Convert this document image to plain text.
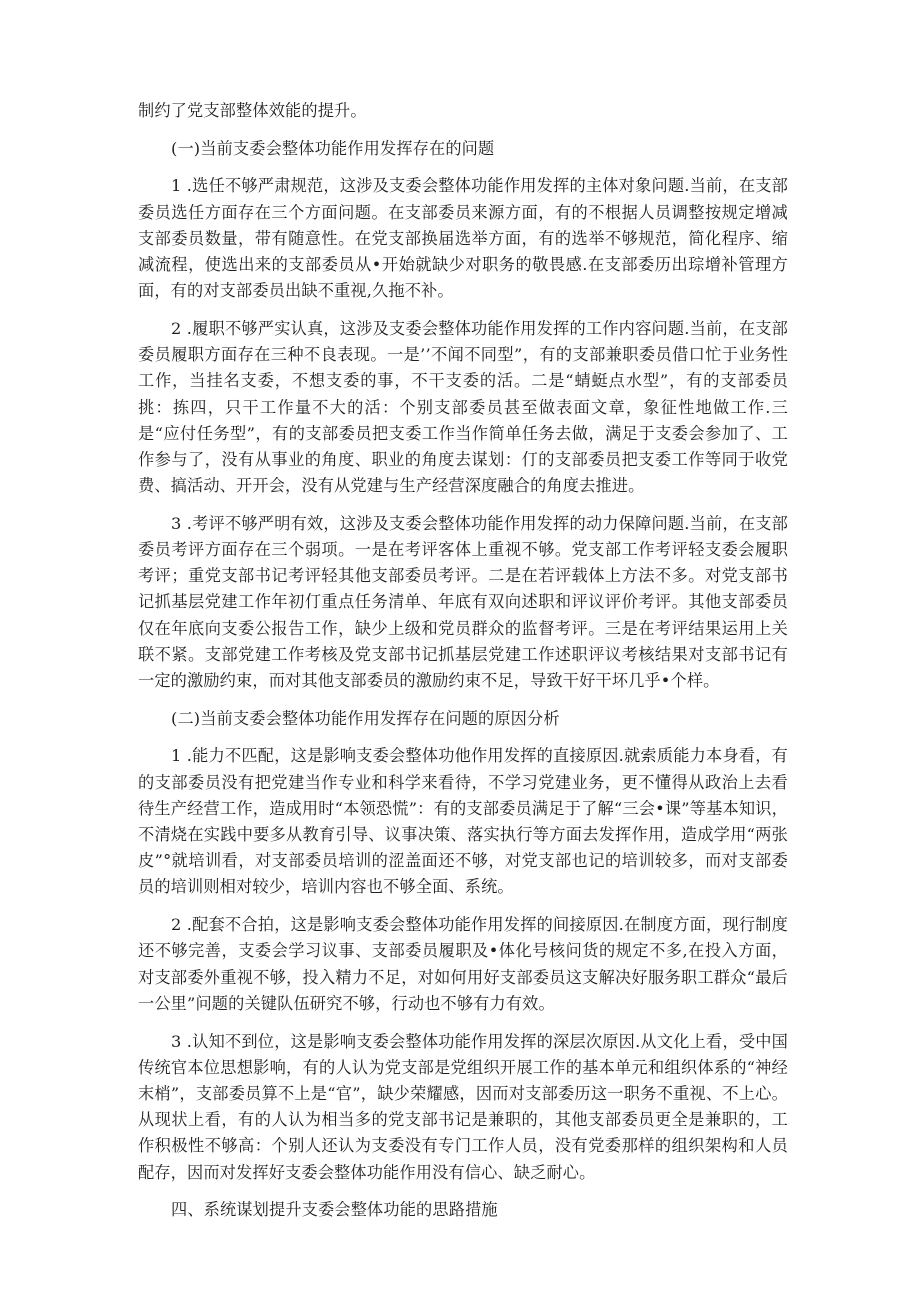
制约了党支部整体效能的提升。

(一)当前支委会整体功能作用发挥存在的问题

1 .选任不够严肃规范，这涉及支委会整体功能作用发挥的主体对象问题.当前，在支部委员选任方面存在三个方面问题。在支部委员来源方面，有的不根据人员调整按规定增减支部委员数量，带有随意性。在党支部换届选举方面，有的选举不够规范，简化程序、缩减流程，使选出来的支部委员从•开始就缺少对职务的敬畏感.在支部委历出琮增补管理方面，有的对支部委员出缺不重视,久拖不补。

2 .履职不够严实认真，这涉及支委会整体功能作用发挥的工作内容问题.当前，在支部委员履职方面存在三种不良表现。一是’’不闻不同型”，有的支部兼职委员借口忙于业务性工作，当挂名支委，不想支委的事，不干支委的活。二是“蜻蜓点水型”，有的支部委员挑：拣四，只干工作量不大的活：个别支部委员甚至做表面文章，象征性地做工作.三是“应付任务型”，有的支部委员把支委工作当作简单任务去做，满足于支委会参加了、工作参与了，没有从事业的角度、职业的角度去谋划：仃的支部委员把支委工作等同于收党费、搞活动、开开会，没有从党建与生产经营深度融合的角度去推进。

3 .考评不够严明有效，这涉及支委会整体功能作用发挥的动力保障问题.当前，在支部委员考评方面存在三个弱项。一是在考评客体上重视不够。党支部工作考评轻支委会履职考评；重党支部书记考评轻其他支部委员考评。二是在若评载体上方法不多。对党支部书记抓基层党建工作年初仃重点任务清单、年底有双向述职和评议评价考评。其他支部委员仅在年底向支委公报告工作，缺少上级和党员群众的监督考评。三是在考评结果运用上关联不紧。支部党建工作考核及党支部书记抓基层党建工作述职评议考核结果对支部书记有一定的激励约束，而对其他支部委员的激励约束不足，导致干好干坏几乎•个样。

(二)当前支委会整体功能作用发挥存在问题的原因分析

1 .能力不匹配，这是影响支委会整体功他作用发挥的直接原因.就索质能力本身看，有的支部委员没有把党建当作专业和科学来看待，不学习党建业务，更不懂得从政治上去看待生产经营工作，造成用时“本领恐慌”：有的支部委员满足于了解“三会•课”等基本知识，不清烧在实践中要多从教育引导、议事决策、落实执行等方面去发挥作用，造成学用“两张皮”°就培训看，对支部委员培训的涩盖面还不够，对党支部也记的培训较多，而对支部委员的培训则相对较少，培训内容也不够全面、系统。

2 .配套不合拍，这是影响支委会整体功能作用发挥的间接原因.在制度方面，现行制度还不够完善，支委会学习议事、支部委员履职及•体化号核问货的规定不多,在投入方面，对支部委外重视不够，投入精力不足，对如何用好支部委员这支解决好服务职工群众“最后一公里”问题的关键队伍研究不够，行动也不够有力有效。

3 .认知不到位，这是影响支委会整体功能作用发挥的深层次原因.从文化上看，受中国传统官本位思想影响，有的人认为党支部是党组织开展工作的基本单元和组织体系的“神经末梢”，支部委员算不上是“官”，缺少荣耀感，因而对支部委历这一职务不重视、不上心。从现状上看，有的人认为相当多的党支部书记是兼职的，其他支部委员更全是兼职的，工作积极性不够高：个别人还认为支委没有专门工作人员，没有党委那样的组织架构和人员配存，因而对发挥好支委会整体功能作用没有信心、缺乏耐心。

四、系统谋划提升支委会整体功能的思路措施
